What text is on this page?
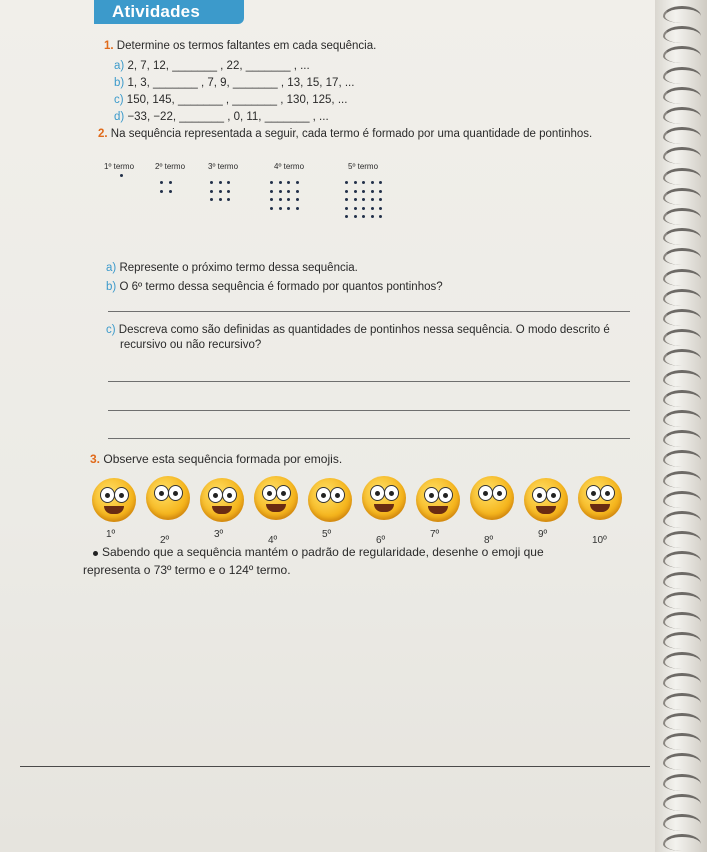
Atividades
1. Determine os termos faltantes em cada sequência.
a) 2, 7, 12, _______ , 22, _______ , ...
b) 1, 3, _______ , 7, 9, _______ , 13, 15, 17, ...
c) 150, 145, _______ , _______ , 130, 125, ...
d) −33, −22, _______ , 0, 11, _______ , ...
2. Na sequência representada a seguir, cada termo é formado por uma quantidade de pontinhos.
1º termo	2º termo	3º termo	4º termo	5º termo
a) Represente o próximo termo dessa sequência.
b) O 6º termo dessa sequência é formado por quantos pontinhos?
c) Descreva como são definidas as quantidades de pontinhos nessa sequência. O modo descrito é
recursivo ou não recursivo?
3. Observe esta sequência formada por emojis.
1º
2º
3º
4º
5º
6º
7º
8º
9º
10º
Sabendo que a sequência mantém o padrão de regularidade, desenhe o emoji que
representa o 73º termo e o 124º termo.
